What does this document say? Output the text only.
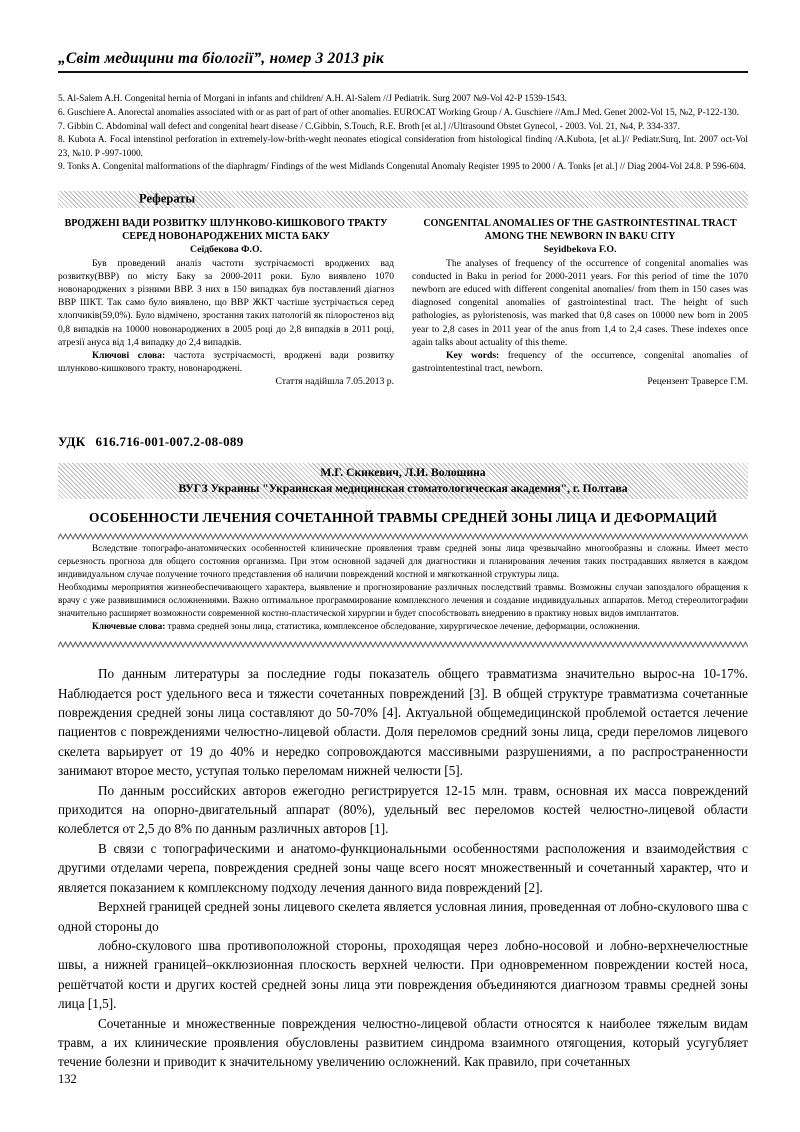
„Світ медицини та біології”, номер 3 2013 рік

5. Al-Salem A.H. Congenital hernia of Morgani in infants and children/ A.H. Al-Salem //J Pediatrik. Surg 2007 №9-Vol 42-P 1539-1543.

6. Guschiere A. Anorectal anomalies associated with or as part of part of other anomalies. EUROCAT Working Group / A. Guschiere //Am.J Med. Genet 2002-Vol 15, №2, P-122-130.

7. Gibbin C. Abdominal wall defect and congenital heart disease / C.Gibbin, S.Touch, R.E. Broth [et al.] //Ultrasound Obstet Gynecol, - 2003. Vol. 21, №4, P. 334-337.

8. Kubota A. Focal intenstinol perforation in extremely-low-brith-weght neonates etiogical consideration from histological findinq /A.Kubota, [et al.]// Pediatr.Surq, Int. 2007 oct-Vol 23, №10. P -997-1000.

9. Tonks A. Congenital malformations of the diaphragm/ Findings of the west Midlands Congenutal Anomaly Reqister 1995 to 2000 / A. Tonks [et al.] // Diag 2004-Vol 24.8. P 596-604.

Рефераты
ВРОДЖЕНІ ВАДИ РОЗВИТКУ ШЛУНКОВО-КИШКОВОГО ТРАКТУ СЕРЕД НОВОНАРОДЖЕНИХ МІСТА БАКУ
Сеїдбекова Ф.О.

Був проведений аналіз частоти зустрічаємості вроджених вад розвитку(ВВР) по місту Баку за 2000-2011 роки. Було виявлено 1070 новонароджених з різними ВВР. З них в 150 випадках був поставлений діагноз ВВР ШКТ. Так само було виявлено, що ВВР ЖКТ частіше зустрічається серед хлопчиків(59,0%). Було відмічено, зростання таких патологій як пілоростеноз від 0,8 випадків на 10000 новонароджених в 2005 році до 2,8 випадків в 2011 році, атрезії ануса від 1,4 випадку до 2,4 випадків.

Ключові слова: частота зустрічаємості, вроджені вади розвитку шлунково-кишкового тракту, новонароджені.

Стаття надійшла 7.05.2013 р.

CONGENITAL ANOMALIES OF THE GASTROINTESTINAL TRACT AMONG THE NEWBORN IN BAKU CITY
Seyidbekova F.O.

The analyses of frequency of the occurrence of congenital anomalies was conducted in Baku in period for 2000-2011 years. For this period of time the 1070 newborn are educed with different congenital anomalies/ from them in 150 cases was diagnosed congenital anomalies of gastrointestinal tract. The height of such pathologies, as pyloristenosis, was marked that 0,8 cases on 10000 new born in 2005 year to 2,8 cases in 2011 year of the anus from 1,4 to 2,4 cases. These indexes once again talks about actuality of this theme.

Key words: frequency of the occurrence, congenital anomalies of gastrointentestinal tract, newborn.

Рецензент Траверсе Г.М.

УДК 616.716-001-007.2-08-089
М.Г. Скикевич, Л.И. Волошина
ВУГЗ Украины "Украинская медицинская стоматологическая академия", г. Полтава
ОСОБЕННОСТИ ЛЕЧЕНИЯ СОЧЕТАННОЙ ТРАВМЫ СРЕДНЕЙ ЗОНЫ ЛИЦА И ДЕФОРМАЦИЙ

Вследствие топографо-анатомических особенностей клинические проявления травм средней зоны лица чрезвычайно многообразны и сложны. Имеет место серьезность прогноза для общего состояния организма. При этом основной задачей для диагностики и планирования лечения таких пострадавших является в каждом индивидуальном случае получение точного представления об наличии повреждений костной и мягкотканной структуры лица.

Необходимы мероприятия жизнеобеспечивающего характера, выявление и прогнозирование различных последствий травмы. Возможны случаи запоздалого обращения к врачу с уже развившимися осложнениями. Важно оптимальное программирование комплексного лечения и создание индивидуальных аппаратов. Метод стереолитографии значительно расширяет возможности современной костно-пластической хирургии и будет способствовать внедрению в практику новых видов имплантатов.

Ключевые слова: травма средней зоны лица, статистика, комплексеное обследование, хирургическое лечение, деформации, осложнения.

По данным литературы за последние годы показатель общего травматизма значительно вырос-на 10-17%. Наблюдается рост удельного веса и тяжести сочетанных повреждений [3]. В общей структуре травматизма сочетанные повреждения средней зоны лица составляют до 50-70% [4]. Актуальной общемедицинской проблемой остается лечение пациентов с повреждениями челюстно-лицевой области. Доля переломов средний зоны лица, среди переломов лицевого скелета варьирует от 19 до 40% и нередко сопровождаются массивными разрушениями, а по распространенности занимают второе место, уступая только переломам нижней челюсти [5].

По данным российских авторов ежегодно регистрируется 12-15 млн. травм, основная их масса повреждений приходится на опорно-двигательный аппарат (80%), удельный вес переломов костей челюстно-лицевой области колеблется от 2,5 до 8% по данным различных авторов [1].

В связи с топографическими и анатомо-функциональными особенностями расположения и взаимодействия с другими отделами черепа, повреждения средней зоны чаще всего носят множественный и сочетанный характер, что и является показанием к комплексному подходу лечения данного вида повреждений [2].

Верхней границей средней зоны лицевого скелета является условная линия, проведенная от лобно-скулового шва с одной стороны до

лобно-скулового шва противоположной стороны, проходящая через лобно-носовой и лобно-верхнечелюстные швы, а нижней границей–окклюзионная плоскость верхней челюсти. При одновременном повреждении костей носа, решётчатой кости и других костей средней зоны лица эти повреждения объединяются диагнозом травмы средней зоны лица [1,5].

Сочетанные и множественные повреждения челюстно-лицевой области относятся к наиболее тяжелым видам травм, а их клинические проявления обусловлены развитием синдрома взаимного отягощения, который усугубляет течение болезни и приводит к значительному увеличению осложнений. Как правило, при сочетанных

132
